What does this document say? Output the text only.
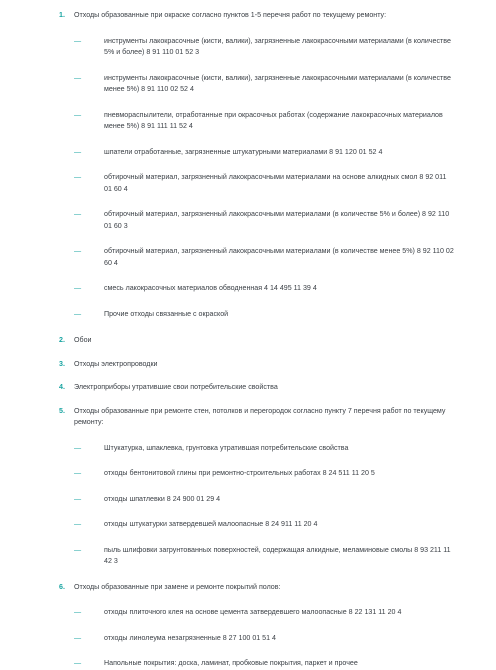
1. Отходы образованные при окраске согласно пунктов 1-5 перечня работ по текущему ремонту:
—	инструменты лакокрасочные (кисти, валики), загрязненные лакокрасочными материалами (в количестве 5% и более) 8 91 110 01 52 3
—	инструменты лакокрасочные (кисти, валики), загрязненные лакокрасочными материалами (в количестве менее 5%) 8 91 110 02 52 4
—	пневмораспылители, отработанные при окрасочных работах (содержание лакокрасочных материалов менее 5%) 8 91 111 11 52 4
—	шпатели отработанные, загрязненные штукатурными материалами 8 91 120 01 52 4
—	обтирочный материал, загрязненный лакокрасочными материалами на основе алкидных смол 8 92 011 01 60 4
—	обтирочный материал, загрязненный лакокрасочными материалами (в количестве 5% и более) 8 92 110 01 60 3
—	обтирочный материал, загрязненный лакокрасочными материалами (в количестве менее 5%) 8 92 110 02 60 4
—	смесь лакокрасочных материалов обводненная 4 14 495 11 39 4
—	Прочие отходы связанные с окраской
2. Обои
3. Отходы электропроводки
4. Электроприборы утратившие свои потребительские свойства
5. Отходы образованные при ремонте стен, потолков и перегородок согласно пункту 7 перечня работ по текущему ремонту:
—	Штукатурка, шпаклевка, грунтовка утратившая потребительские свойства
—	отходы бентонитовой глины при ремонтно-строительных работах 8 24 511 11 20 5
—	отходы шпатлевки 8 24 900 01 29 4
—	отходы штукатурки затвердевшей малоопасные 8 24 911 11 20 4
—	пыль шлифовки загрунтованных поверхностей, содержащая алкидные, меламиновые смолы 8 93 211 11 42 3
6. Отходы образованные при замене и ремонте покрытий полов:
—	отходы плиточного клея на основе цемента затвердевшего малоопасные 8 22 131 11 20 4
—	отходы линолеума незагрязненные 8 27 100 01 51 4
—	Напольные покрытия: доска, ламинат, пробковые покрытия, паркет и прочее
